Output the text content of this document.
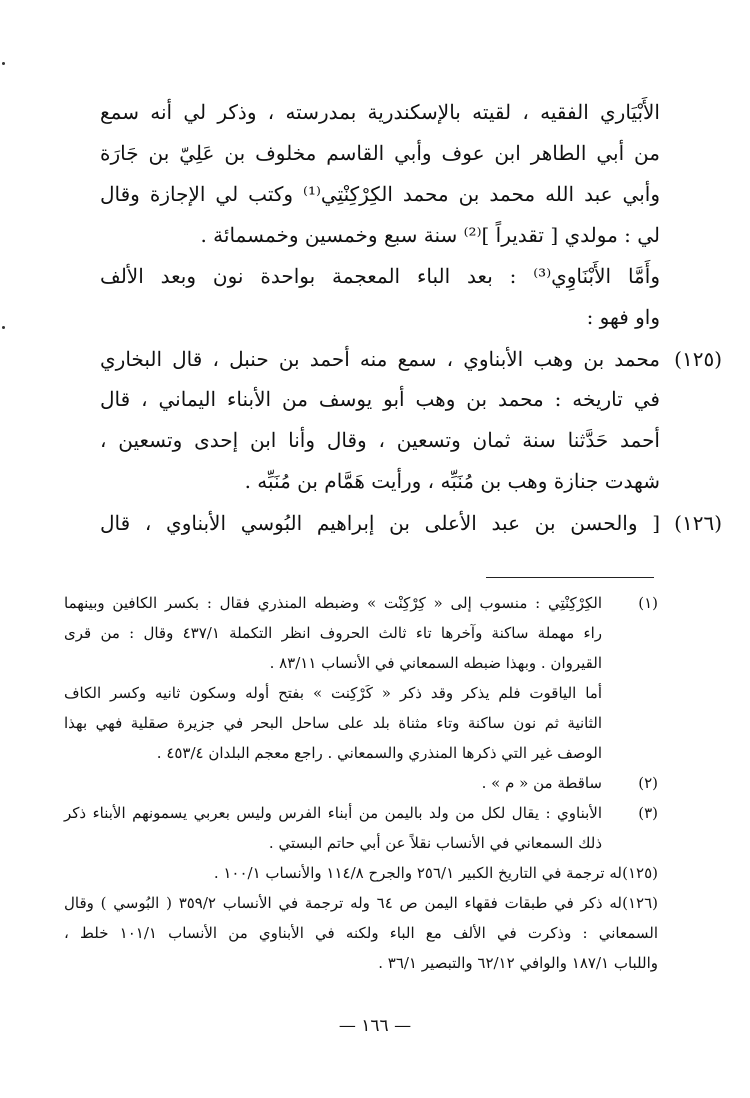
الأَبْيَاري الفقيه ، لقيته بالإسكندرية بمدرسته ، وذكر لي أنه سمع
من أبي الطاهر ابن عوف وأبي القاسم مخلوف بن عَلِيّ بن جَارَة
وأبي عبد الله محمد بن محمد الكِرْكِنْتِي⁽¹⁾ وكتب لي الإجازة وقال
لي : مولدي [ تقديراً ]⁽²⁾ سنة سبع وخمسين وخمسمائة .
وأَمَّا الأَبْنَاوِي⁽³⁾ : بعد الباء المعجمة بواحدة نون وبعد الألف
واو فهو :
(١٢٥)
محمد بن وهب الأبناوي ، سمع منه أحمد بن حنبل ، قال البخاري
في تاريخه : محمد بن وهب أبو يوسف من الأبناء اليماني ، قال
أحمد حَدَّثنا سنة ثمان وتسعين ، وقال وأنا ابن إحدى وتسعين ،
شهدت جنازة وهب بن مُنَبِّه ، ورأيت هَمَّام بن مُنَبِّه .
(١٢٦)
[ والحسن بن عبد الأعلى بن إبراهيم البُوسي الأبناوي ، قال
(١)
الكِرْكِنْتِي : منسوب إلى « كِرْكِنْت » وضبطه المنذري فقال : بكسر الكافين وبينهما
راء مهملة ساكنة وآخرها تاء ثالث الحروف انظر التكملة ٤٣٧/١ وقال : من قرى
القيروان . وبهذا ضبطه السمعاني في الأنساب ٨٣/١١ .
أما الياقوت فلم يذكر وقد ذكر « كَرْكِنت » بفتح أوله وسكون ثانيه وكسر الكاف
الثانية ثم نون ساكنة وتاء مثناة بلد على ساحل البحر في جزيرة صقلية فهي بهذا
الوصف غير التي ذكرها المنذري والسمعاني . راجع معجم البلدان ٤٥٣/٤ .
(٢)
ساقطة من « م » .
(٣)
الأبناوي : يقال لكل من ولد باليمن من أبناء الفرس وليس بعربي يسمونهم الأبناء ذكر
ذلك السمعاني في الأنساب نقلاً عن أبي حاتم البستي .
(١٢٥)
له ترجمة في التاريخ الكبير ٢٥٦/١ والجرح ١١٤/٨ والأنساب ١٠٠/١ .
(١٢٦)
له ذكر في طبقات فقهاء اليمن ص ٦٤ وله ترجمة في الأنساب ٣٥٩/٢ ( البُوسي ) وقال
السمعاني : وذكرت في الألف مع الباء ولكنه في الأبناوي من الأنساب ١٠١/١ خلط ،
واللباب ١٨٧/١ والوافي ٦٢/١٢ والتبصير ٣٦/١ .
— ١٦٦ —
